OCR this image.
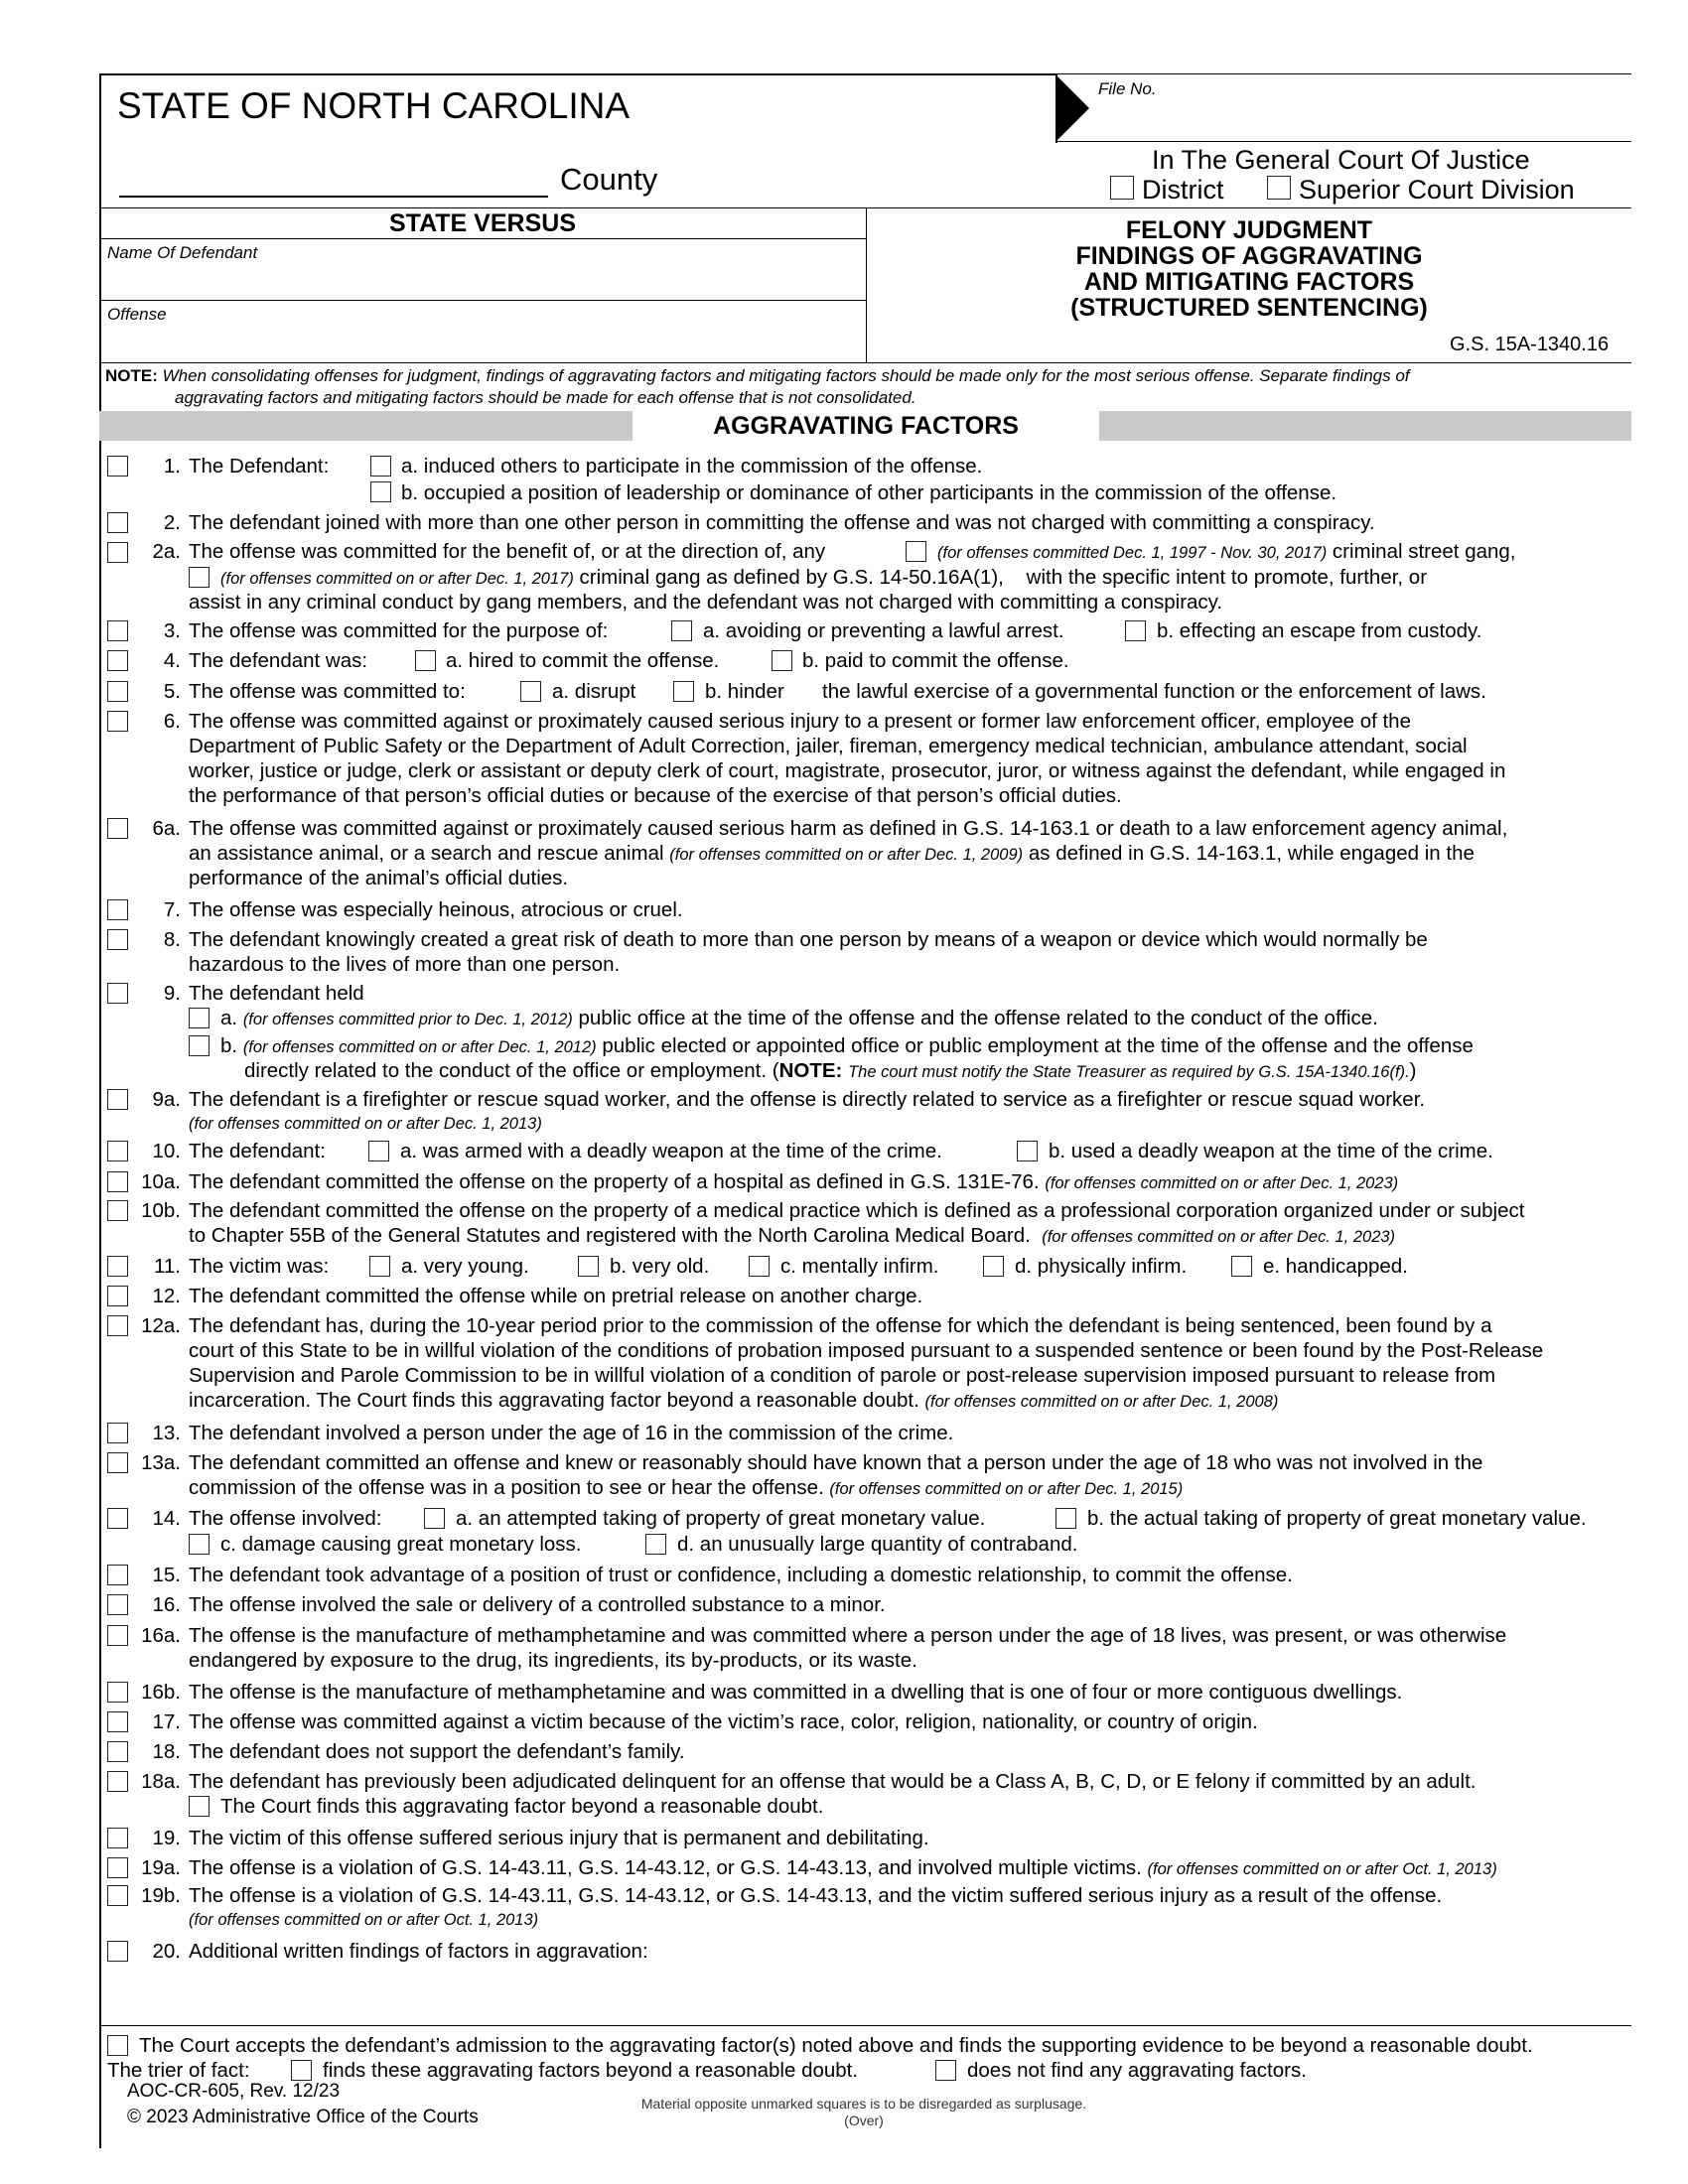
STATE OF NORTH CAROLINA
County
File No.
In The General Court Of Justice
District	Superior Court Division
STATE VERSUS
Name Of Defendant
Offense
FELONY JUDGMENT
FINDINGS OF AGGRAVATING
AND MITIGATING FACTORS
(STRUCTURED SENTENCING)
G.S. 15A-1340.16
NOTE: When consolidating offenses for judgment, findings of aggravating factors and mitigating factors should be made only for the most serious offense. Separate findings of
aggravating factors and mitigating factors should be made for each offense that is not consolidated.
AGGRAVATING FACTORS
1. The Defendant:	a. induced others to participate in the commission of the offense.
b. occupied a position of leadership or dominance of other participants in the commission of the offense.
2. The defendant joined with more than one other person in committing the offense and was not charged with committing a conspiracy.
2a. The offense was committed for the benefit of, or at the direction of, any	(for offenses committed Dec. 1, 1997 - Nov. 30, 2017) criminal street gang,
(for offenses committed on or after Dec. 1, 2017) criminal gang as defined by G.S. 14-50.16A(1), with the specific intent to promote, further, or
assist in any criminal conduct by gang members, and the defendant was not charged with committing a conspiracy.
3. The offense was committed for the purpose of:	a. avoiding or preventing a lawful arrest.	b. effecting an escape from custody.
4. The defendant was:	a. hired to commit the offense.	b. paid to commit the offense.
5. The offense was committed to:	a. disrupt	b. hinder the lawful exercise of a governmental function or the enforcement of laws.
6. The offense was committed against or proximately caused serious injury to a present or former law enforcement officer, employee of the
Department of Public Safety or the Department of Adult Correction, jailer, fireman, emergency medical technician, ambulance attendant, social
worker, justice or judge, clerk or assistant or deputy clerk of court, magistrate, prosecutor, juror, or witness against the defendant, while engaged in
the performance of that person’s official duties or because of the exercise of that person’s official duties.
6a. The offense was committed against or proximately caused serious harm as defined in G.S. 14-163.1 or death to a law enforcement agency animal,
an assistance animal, or a search and rescue animal (for offenses committed on or after Dec. 1, 2009) as defined in G.S. 14-163.1, while engaged in the
performance of the animal’s official duties.
7. The offense was especially heinous, atrocious or cruel.
8. The defendant knowingly created a great risk of death to more than one person by means of a weapon or device which would normally be
hazardous to the lives of more than one person.
9. The defendant held
a. (for offenses committed prior to Dec. 1, 2012) public office at the time of the offense and the offense related to the conduct of the office.
b. (for offenses committed on or after Dec. 1, 2012) public elected or appointed office or public employment at the time of the offense and the offense
directly related to the conduct of the office or employment. (NOTE: The court must notify the State Treasurer as required by G.S. 15A-1340.16(f).)
9a. The defendant is a firefighter or rescue squad worker, and the offense is directly related to service as a firefighter or rescue squad worker.
(for offenses committed on or after Dec. 1, 2013)
10. The defendant:	a. was armed with a deadly weapon at the time of the crime.	b. used a deadly weapon at the time of the crime.
10a. The defendant committed the offense on the property of a hospital as defined in G.S. 131E-76. (for offenses committed on or after Dec. 1, 2023)
10b. The defendant committed the offense on the property of a medical practice which is defined as a professional corporation organized under or subject
to Chapter 55B of the General Statutes and registered with the North Carolina Medical Board. (for offenses committed on or after Dec. 1, 2023)
11. The victim was:	a. very young.	b. very old.	c. mentally infirm.	d. physically infirm.	e. handicapped.
12. The defendant committed the offense while on pretrial release on another charge.
12a. The defendant has, during the 10-year period prior to the commission of the offense for which the defendant is being sentenced, been found by a
court of this State to be in willful violation of the conditions of probation imposed pursuant to a suspended sentence or been found by the Post-Release
Supervision and Parole Commission to be in willful violation of a condition of parole or post-release supervision imposed pursuant to release from
incarceration. The Court finds this aggravating factor beyond a reasonable doubt. (for offenses committed on or after Dec. 1, 2008)
13. The defendant involved a person under the age of 16 in the commission of the crime.
13a. The defendant committed an offense and knew or reasonably should have known that a person under the age of 18 who was not involved in the
commission of the offense was in a position to see or hear the offense. (for offenses committed on or after Dec. 1, 2015)
14. The offense involved:	a. an attempted taking of property of great monetary value.	b. the actual taking of property of great monetary value.
c. damage causing great monetary loss.	d. an unusually large quantity of contraband.
15. The defendant took advantage of a position of trust or confidence, including a domestic relationship, to commit the offense.
16. The offense involved the sale or delivery of a controlled substance to a minor.
16a. The offense is the manufacture of methamphetamine and was committed where a person under the age of 18 lives, was present, or was otherwise
endangered by exposure to the drug, its ingredients, its by-products, or its waste.
16b. The offense is the manufacture of methamphetamine and was committed in a dwelling that is one of four or more contiguous dwellings.
17. The offense was committed against a victim because of the victim’s race, color, religion, nationality, or country of origin.
18. The defendant does not support the defendant’s family.
18a. The defendant has previously been adjudicated delinquent for an offense that would be a Class A, B, C, D, or E felony if committed by an adult.
The Court finds this aggravating factor beyond a reasonable doubt.
19. The victim of this offense suffered serious injury that is permanent and debilitating.
19a. The offense is a violation of G.S. 14-43.11, G.S. 14-43.12, or G.S. 14-43.13, and involved multiple victims. (for offenses committed on or after Oct. 1, 2013)
19b. The offense is a violation of G.S. 14-43.11, G.S. 14-43.12, or G.S. 14-43.13, and the victim suffered serious injury as a result of the offense.
(for offenses committed on or after Oct. 1, 2013)
20. Additional written findings of factors in aggravation:
The Court accepts the defendant’s admission to the aggravating factor(s) noted above and finds the supporting evidence to be beyond a reasonable doubt.
The trier of fact:	finds these aggravating factors beyond a reasonable doubt.	does not find any aggravating factors.
AOC-CR-605, Rev. 12/23
© 2023 Administrative Office of the Courts
Material opposite unmarked squares is to be disregarded as surplusage.
(Over)
